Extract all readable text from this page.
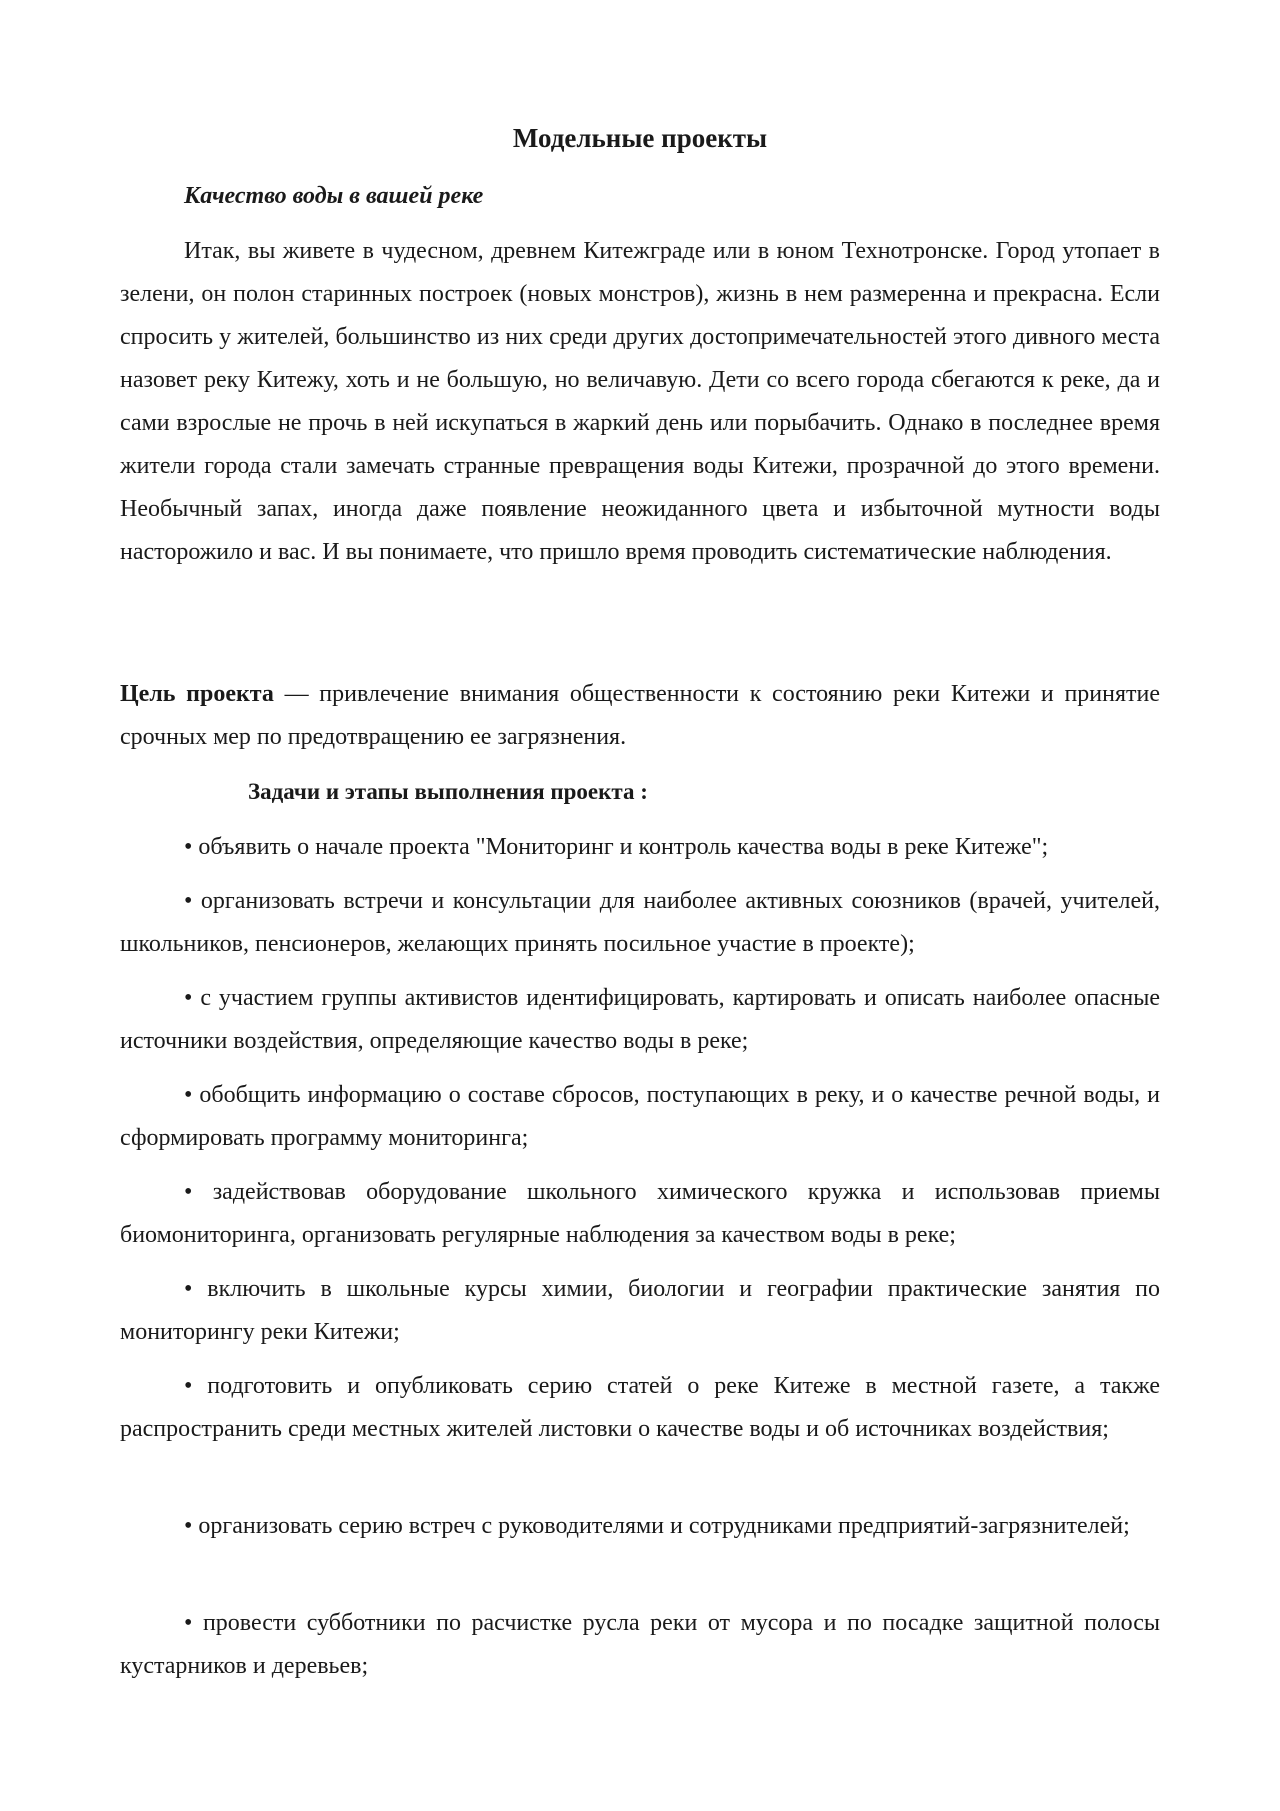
Модельные проекты

Качество воды в вашей реке

Итак, вы живете в чудесном, древнем Китежграде или в юном Технотронске. Город утопает в зелени, он полон старинных построек (новых монстров), жизнь в нем размеренна и прекрасна. Если спросить у жителей, большинство из них среди других достопримечательностей этого дивного места назовет реку Китежу, хоть и не большую, но величавую. Дети со всего города сбегаются к реке, да и сами взрослые не прочь в ней искупаться в жаркий день или порыбачить. Однако в последнее время жители города стали замечать странные превращения воды Китежи, прозрачной до этого времени. Необычный запах, иногда даже появление неожиданного цвета и избыточной мутности воды насторожило и вас. И вы понимаете, что пришло время проводить систематические наблюдения.

Цель проекта — привлечение внимания общественности к состоянию реки Китежи и принятие срочных мер по предотвращению ее загрязнения.

Задачи и этапы выполнения проекта :

• объявить о начале проекта "Мониторинг и контроль качества воды в реке Китеже";

• организовать встречи и консультации для наиболее активных союзников (врачей, учителей, школьников, пенсионеров, желающих принять посильное участие в проекте);

• с участием группы активистов идентифицировать, картировать и описать наиболее опасные источники воздействия, определяющие качество воды в реке;

• обобщить информацию о составе сбросов, поступающих в реку, и о качестве речной воды, и сформировать программу мониторинга;

• задействовав оборудование школьного химического кружка и использовав приемы биомониторинга, организовать регулярные наблюдения за качеством воды в реке;

• включить в школьные курсы химии, биологии и географии практические занятия по мониторингу реки Китежи;

• подготовить и опубликовать серию статей о реке Китеже в местной газете, а также распространить среди местных жителей листовки о качестве воды и об источниках воздействия;

• организовать серию встреч с руководителями и сотрудниками предприятий-загрязнителей;

• провести субботники по расчистке русла реки от мусора и по посадке защитной полосы кустарников и деревьев;
